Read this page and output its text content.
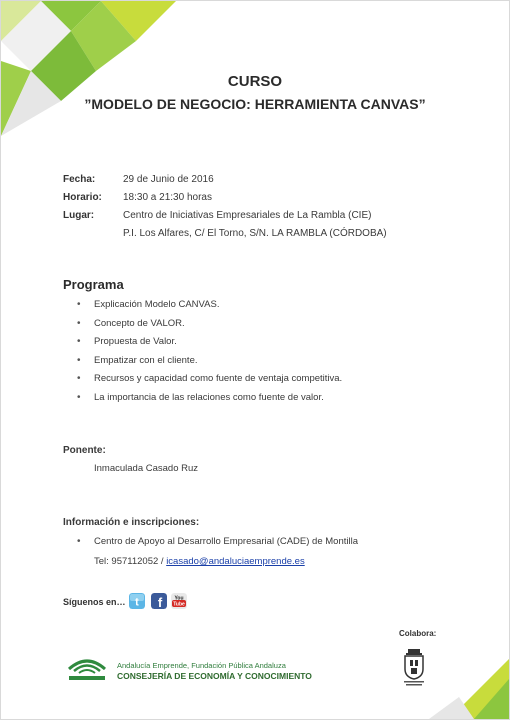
CURSO
”MODELO DE NEGOCIO: HERRAMIENTA CANVAS”
Fecha:	29 de Junio de 2016
Horario:	18:30 a 21:30 horas
Lugar:	Centro de Iniciativas Empresariales de La Rambla (CIE)
P.I. Los Alfares, C/ El Torno, S/N. LA RAMBLA (CÓRDOBA)
Programa
• Explicación Modelo CANVAS.
• Concepto de VALOR.
• Propuesta de Valor.
• Empatizar con el cliente.
• Recursos y capacidad como fuente de ventaja competitiva.
• La importancia de las relaciones como fuente de valor.
Ponente:
Inmaculada Casado Ruz
Información e inscripciones:
• Centro de Apoyo al Desarrollo Empresarial (CADE) de Montilla
Tel: 957112052 / icasado@andaluciaemprende.es
Síguenos en… t f You
Tube
Colabora:
Andalucía Emprende, Fundación Pública Andaluza
CONSEJERÍA DE ECONOMÍA Y CONOCIMIENTO
